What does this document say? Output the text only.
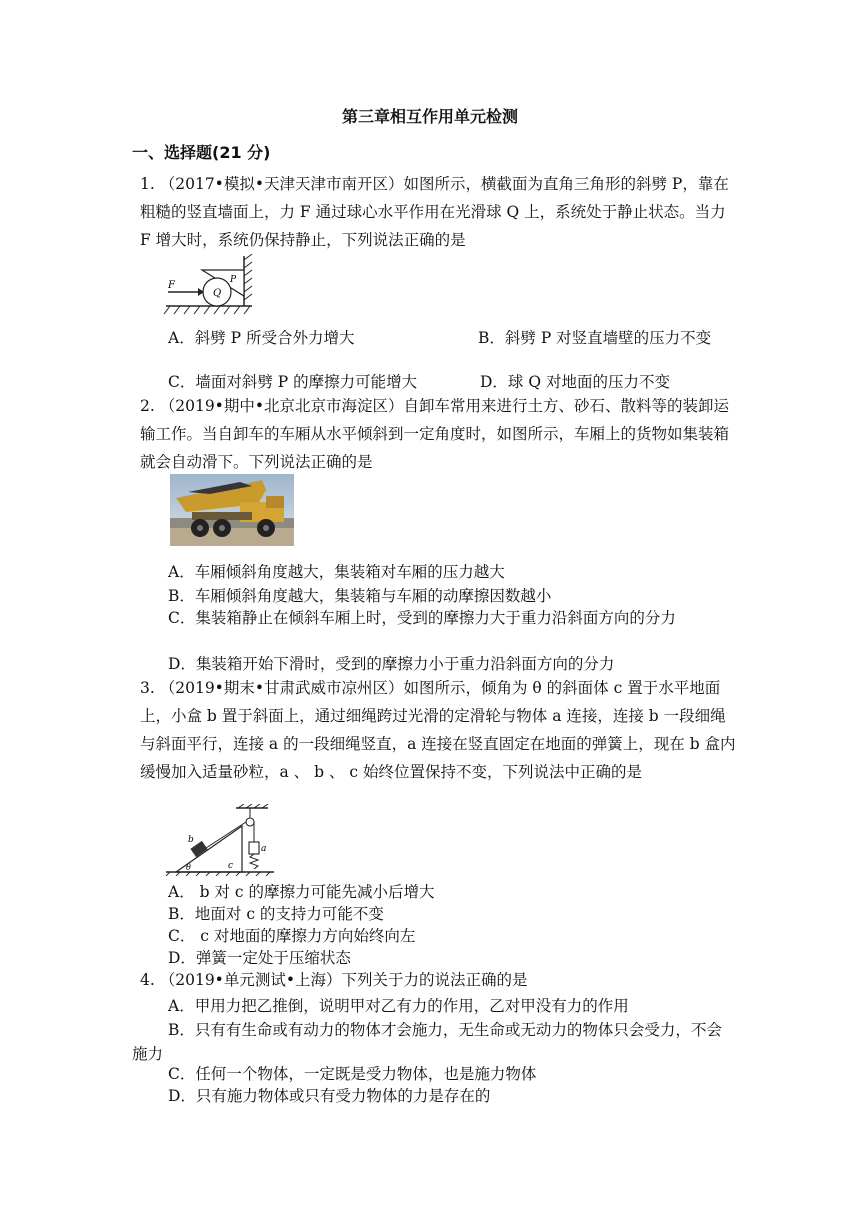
第三章相互作用单元检测
一、选择题(21 分)
1. （2017•模拟•天津天津市南开区）如图所示，横截面为直角三角形的斜劈 P，靠在粗糙的竖直墙面上，力 F 通过球心水平作用在光滑球 Q 上，系统处于静止状态。当力 F 增大时，系统仍保持静止，下列说法正确的是
F
Q
P
A．斜劈 P 所受合外力增大	B．斜劈 P 对竖直墙壁的压力不变
C．墙面对斜劈 P 的摩擦力可能增大	D．球 Q 对地面的压力不变
2. （2019•期中•北京北京市海淀区）自卸车常用来进行土方、砂石、散料等的装卸运输工作。当自卸车的车厢从水平倾斜到一定角度时，如图所示，车厢上的货物如集装箱就会自动滑下。下列说法正确的是
A．车厢倾斜角度越大，集装箱对车厢的压力越大
B．车厢倾斜角度越大，集装箱与车厢的动摩擦因数越小
C．集装箱静止在倾斜车厢上时，受到的摩擦力大于重力沿斜面方向的分力
D．集装箱开始下滑时，受到的摩擦力小于重力沿斜面方向的分力
3. （2019•期末•甘肃武威市凉州区）如图所示，倾角为 θ 的斜面体 c 置于水平地面上，小盒 b 置于斜面上，通过细绳跨过光滑的定滑轮与物体 a 连接，连接 b 一段细绳与斜面平行，连接 a 的一段细绳竖直，a 连接在竖直固定在地面的弹簧上，现在 b 盒内缓慢加入适量砂粒，a 、 b 、 c 始终位置保持不变，下列说法中正确的是
b
a
c
θ
A． b 对 c 的摩擦力可能先减小后增大
B．地面对 c 的支持力可能不变
C． c 对地面的摩擦力方向始终向左
D．弹簧一定处于压缩状态
4. （2019•单元测试•上海）下列关于力的说法正确的是
A．甲用力把乙推倒，说明甲对乙有力的作用，乙对甲没有力的作用
B．只有有生命或有动力的物体才会施力，无生命或无动力的物体只会受力，不会施力
C．任何一个物体，一定既是受力物体，也是施力物体
D．只有施力物体或只有受力物体的力是存在的
